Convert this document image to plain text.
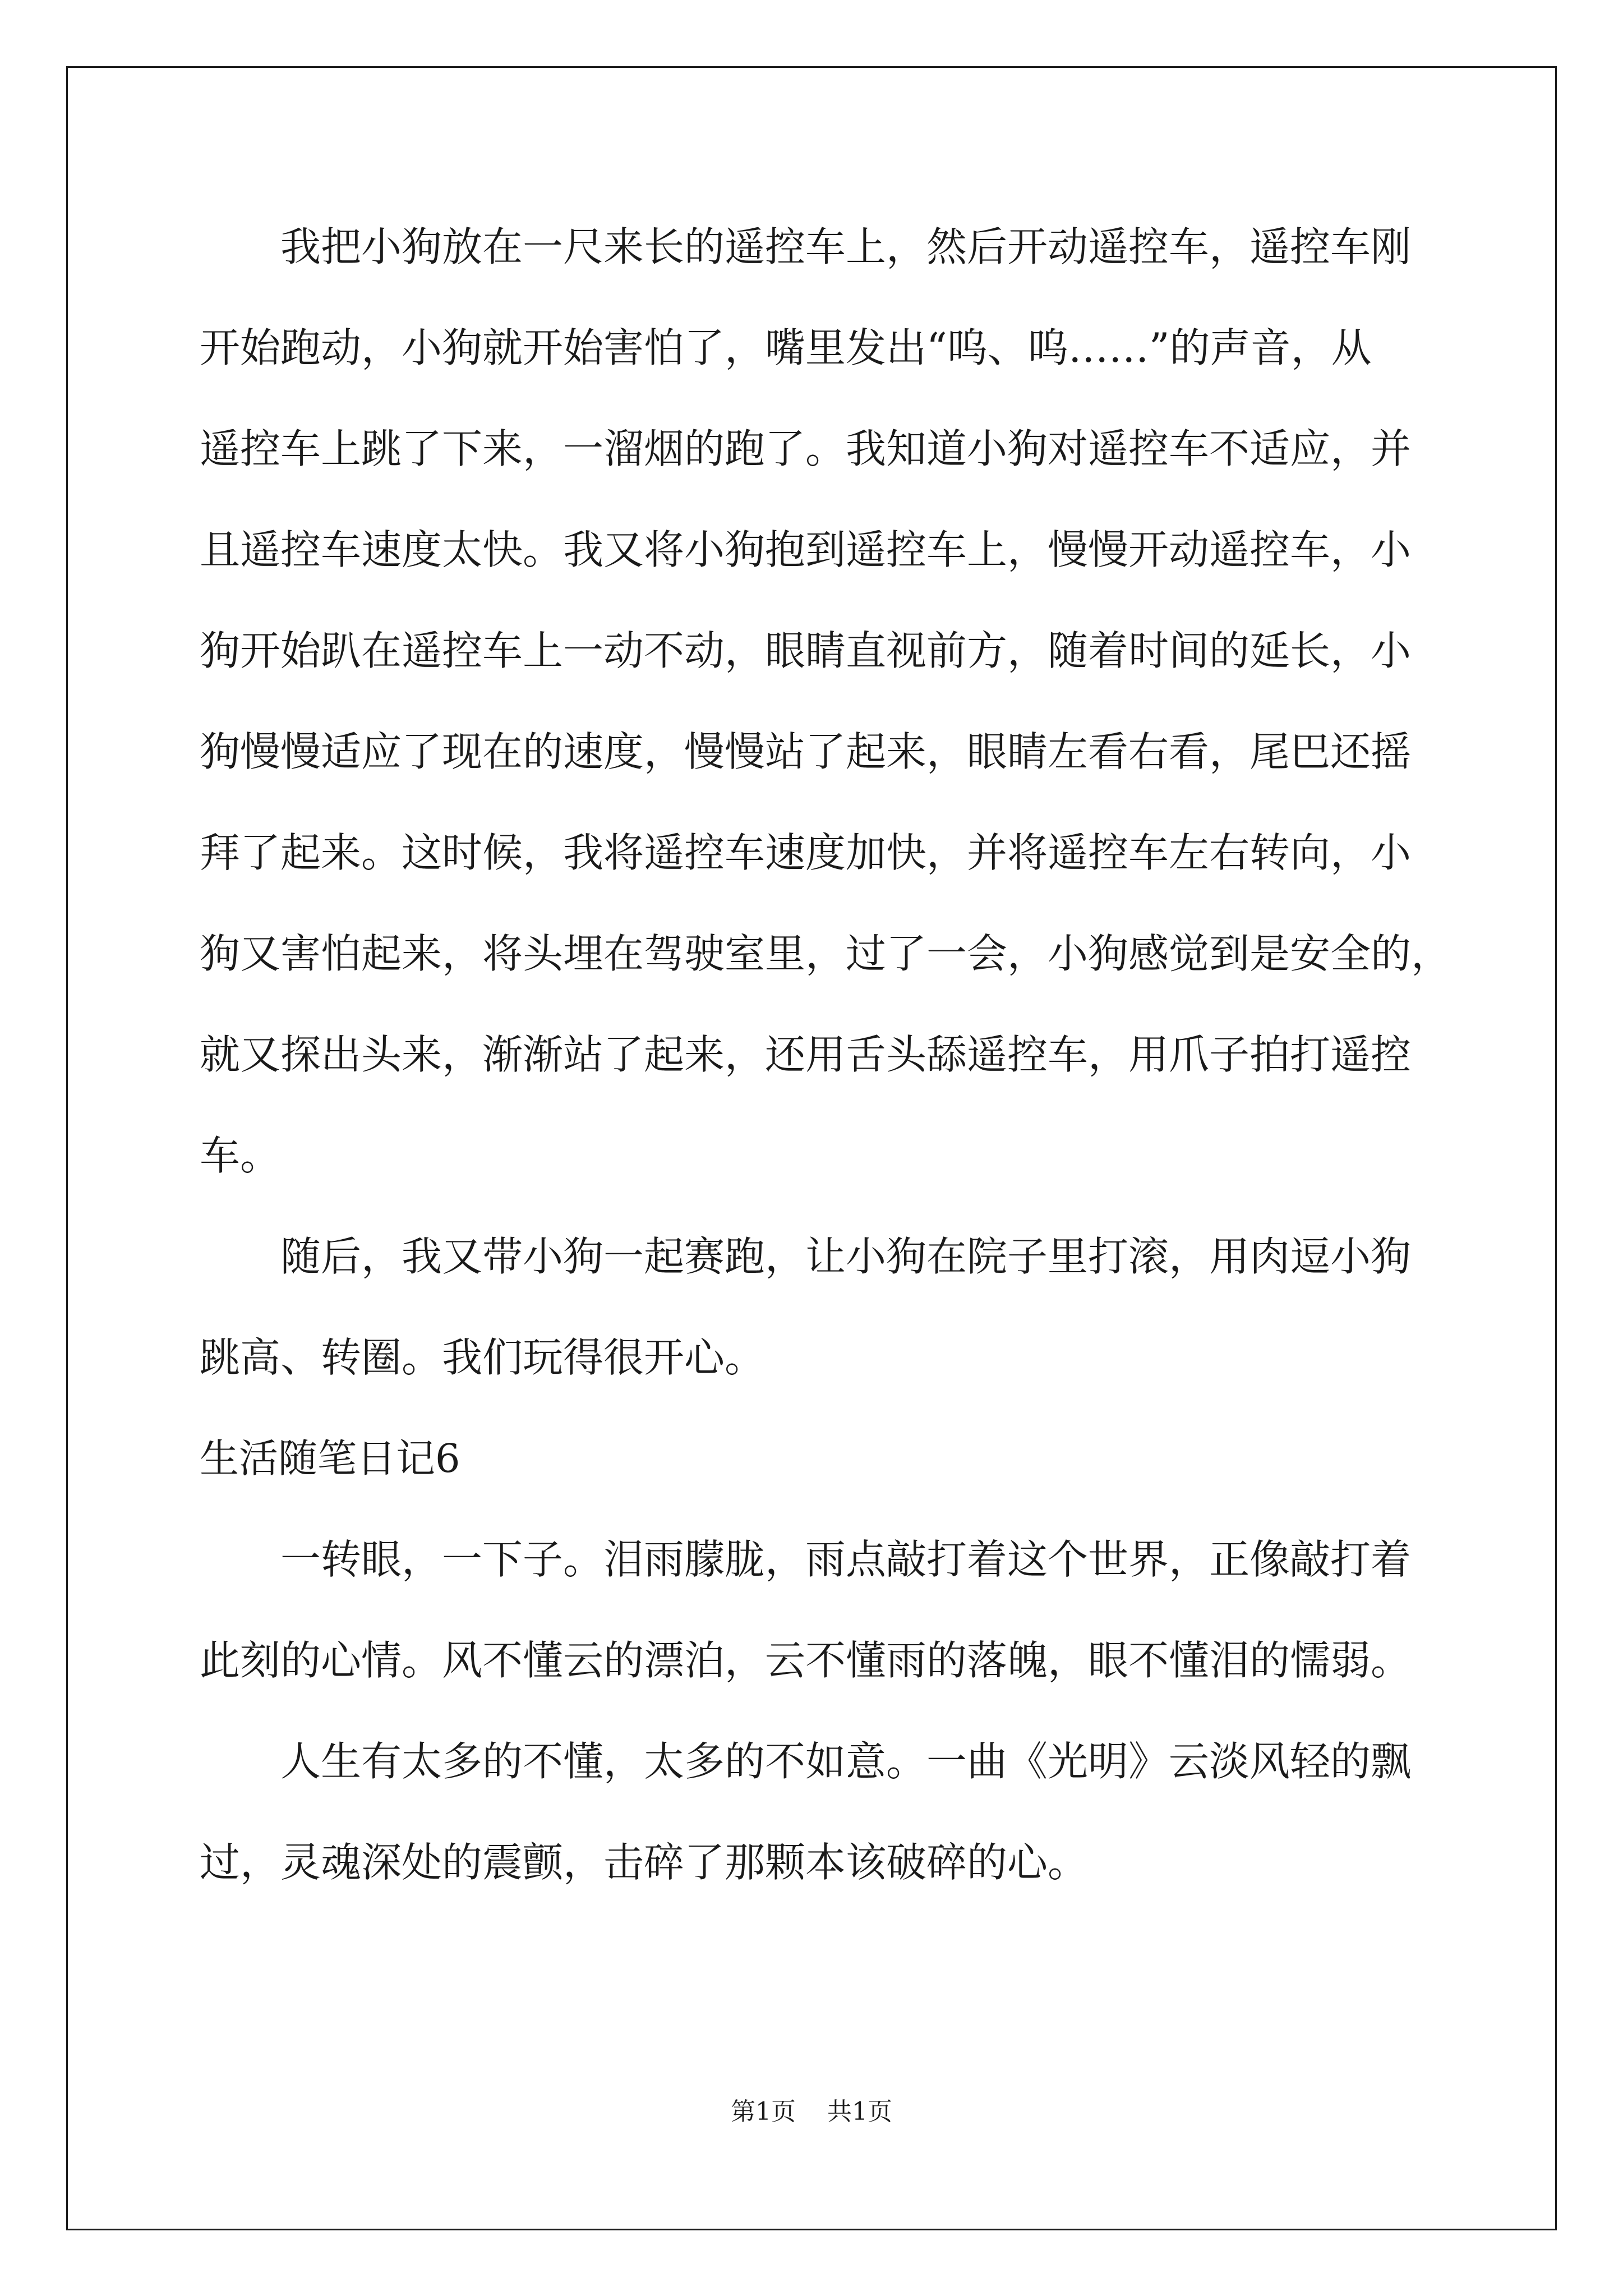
我把小狗放在一尺来长的遥控车上，然后开动遥控车，遥控车刚
开始跑动，小狗就开始害怕了，嘴里发出“呜、呜……”的声音，从
遥控车上跳了下来，一溜烟的跑了。我知道小狗对遥控车不适应，并
且遥控车速度太快。我又将小狗抱到遥控车上，慢慢开动遥控车，小
狗开始趴在遥控车上一动不动，眼睛直视前方，随着时间的延长，小
狗慢慢适应了现在的速度，慢慢站了起来，眼睛左看右看，尾巴还摇
拜了起来。这时候，我将遥控车速度加快，并将遥控车左右转向，小
狗又害怕起来，将头埋在驾驶室里，过了一会，小狗感觉到是安全的，
就又探出头来，渐渐站了起来，还用舌头舔遥控车，用爪子拍打遥控
车。
随后，我又带小狗一起赛跑，让小狗在院子里打滚，用肉逗小狗
跳高、转圈。我们玩得很开心。
生活随笔日记6
一转眼，一下子。泪雨朦胧，雨点敲打着这个世界，正像敲打着
此刻的心情。风不懂云的漂泊，云不懂雨的落魄，眼不懂泪的懦弱。
人生有太多的不懂，太多的不如意。一曲《光明》云淡风轻的飘
过，灵魂深处的震颤，击碎了那颗本该破碎的心。
第1页    共1页
